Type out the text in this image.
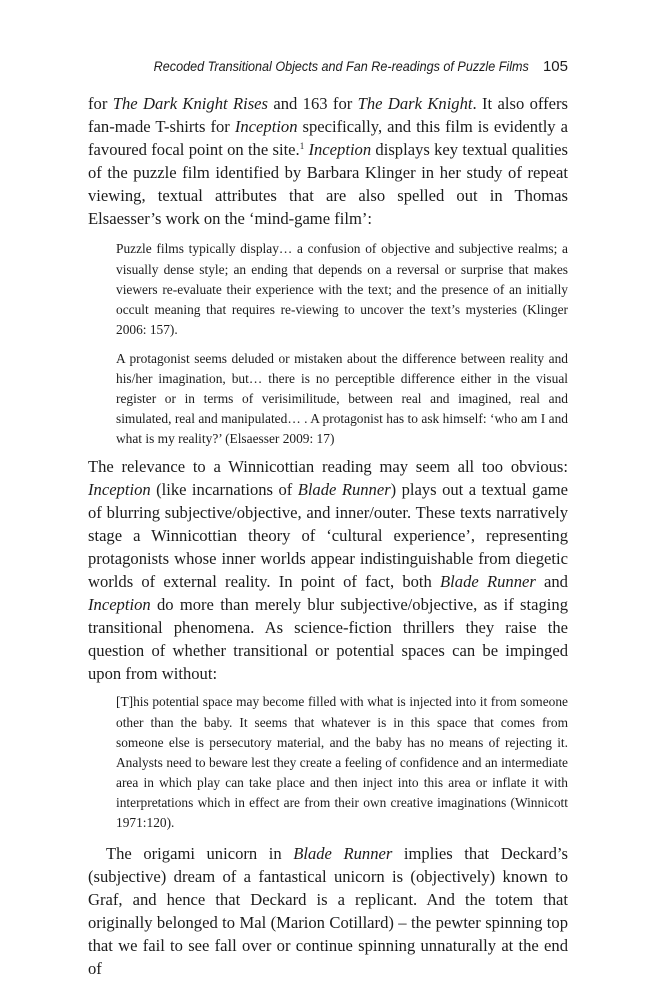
Recoded Transitional Objects and Fan Re-readings of Puzzle Films 105

for The Dark Knight Rises and 163 for The Dark Knight. It also offers fan-made T-shirts for Inception specifically, and this film is evidently a favoured focal point on the site.$^1$ Inception displays key textual qualities of the puzzle film identified by Barbara Klinger in her study of repeat viewing, textual attributes that are also spelled out in Thomas Elsaesser’s work on the ‘mind-game film’:

Puzzle films typically display… a confusion of objective and subjective realms; a visually dense style; an ending that depends on a reversal or surprise that makes viewers re-evaluate their experience with the text; and the presence of an initially occult meaning that requires re-viewing to uncover the text’s mysteries (Klinger 2006: 157).

A protagonist seems deluded or mistaken about the difference between reality and his/her imagination, but… there is no perceptible difference either in the visual register or in terms of verisimilitude, between real and imagined, real and simulated, real and manipulated… . A protagonist has to ask himself: ‘who am I and what is my reality?’ (Elsaesser 2009: 17)

The relevance to a Winnicottian reading may seem all too obvious: Inception (like incarnations of Blade Runner) plays out a textual game of blurring subjective/objective, and inner/outer. These texts narratively stage a Winnicottian theory of ‘cultural experience’, representing protagonists whose inner worlds appear indistinguishable from diegetic worlds of external reality. In point of fact, both Blade Runner and Inception do more than merely blur subjective/objective, as if staging transitional phenomena. As science-fiction thrillers they raise the question of whether transitional or potential spaces can be impinged upon from without:

[T]his potential space may become filled with what is injected into it from someone other than the baby. It seems that whatever is in this space that comes from someone else is persecutory material, and the baby has no means of rejecting it. Analysts need to beware lest they create a feeling of confidence and an intermediate area in which play can take place and then inject into this area or inflate it with interpretations which in effect are from their own creative imaginations (Winnicott 1971:120).

The origami unicorn in Blade Runner implies that Deckard’s (subjective) dream of a fantastical unicorn is (objectively) known to Graf, and hence that Deckard is a replicant. And the totem that originally belonged to Mal (Marion Cotillard) – the pewter spinning top that we fail to see fall over or continue spinning unnaturally at the end of
